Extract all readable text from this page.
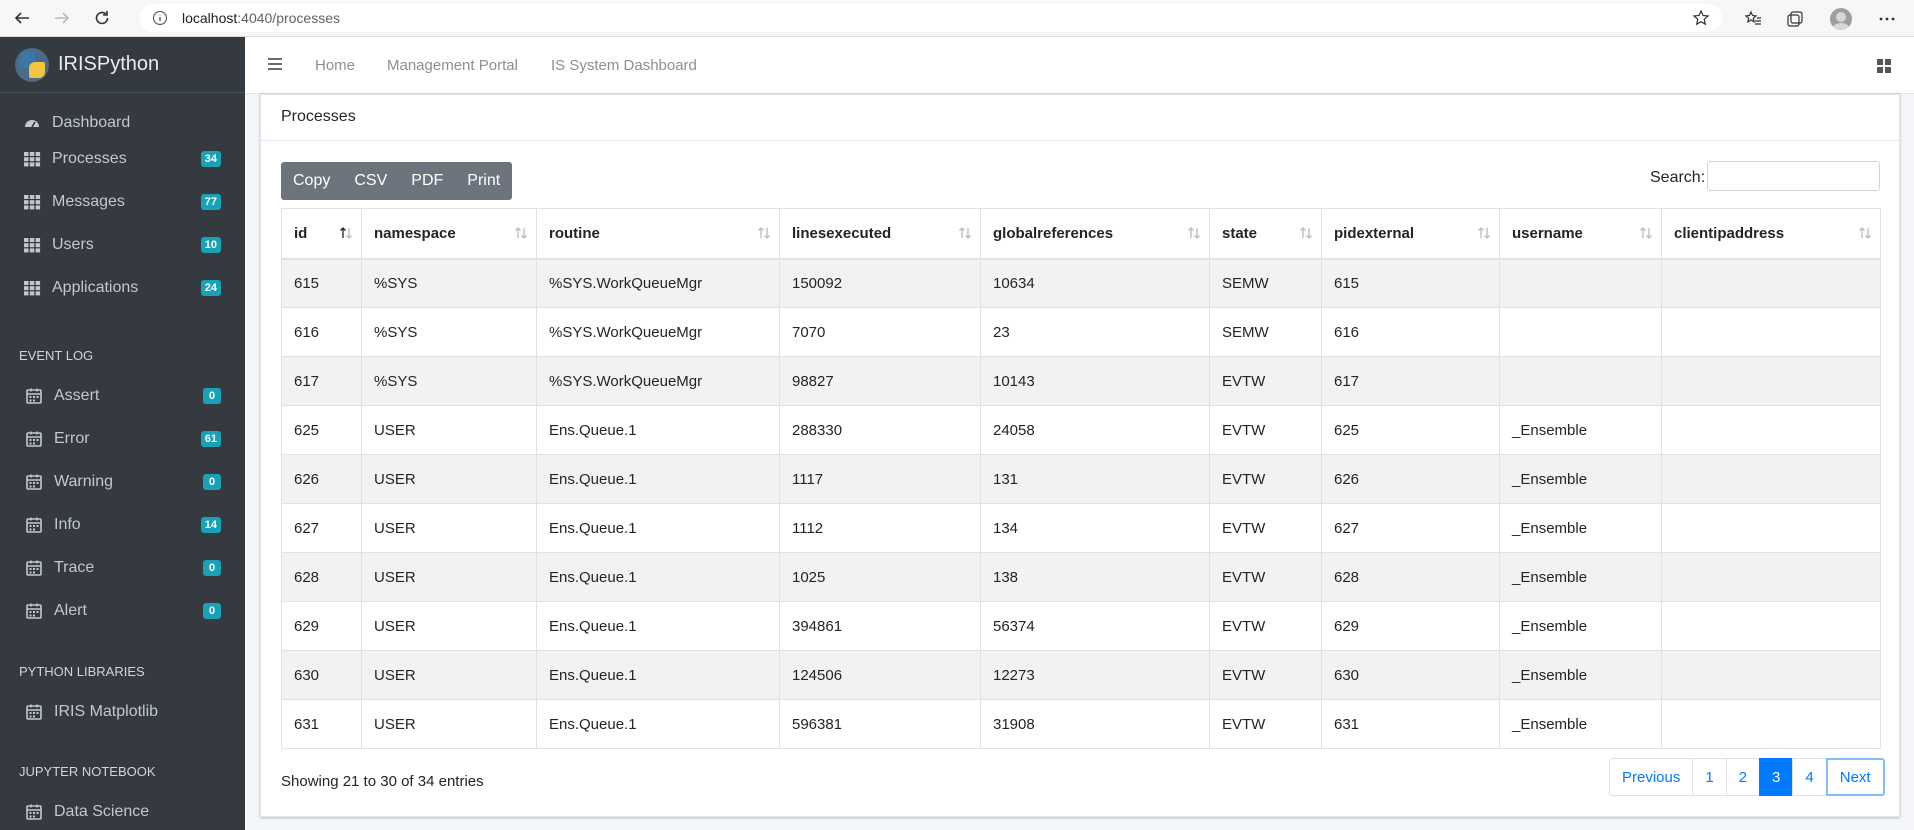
localhost:4040/processes
IRISPython
Dashboard
Processes	34
Messages	77
Users	10
Applications	24
EVENT LOG
Assert	0
Error	61
Warning	0
Info	14
Trace	0
Alert	0
PYTHON LIBRARIES
IRIS Matplotlib
JUPYTER NOTEBOOK
Data Science
Home Management Portal IS System Dashboard
Processes
Copy	CSV	PDF	Print	Search:
id	namespace	routine	linesexecuted	globalreferences	state	pidexternal	username	clientipaddress

615	%SYS	%SYS.WorkQueueMgr	150092	10634	SEMW	615		
616	%SYS	%SYS.WorkQueueMgr	7070	23	SEMW	616		
617	%SYS	%SYS.WorkQueueMgr	98827	10143	EVTW	617		
625	USER	Ens.Queue.1	288330	24058	EVTW	625	_Ensemble	
626	USER	Ens.Queue.1	1117	131	EVTW	626	_Ensemble	
627	USER	Ens.Queue.1	1112	134	EVTW	627	_Ensemble	
628	USER	Ens.Queue.1	1025	138	EVTW	628	_Ensemble	
629	USER	Ens.Queue.1	394861	56374	EVTW	629	_Ensemble	
630	USER	Ens.Queue.1	124506	12273	EVTW	630	_Ensemble	
631	USER	Ens.Queue.1	596381	31908	EVTW	631	_Ensemble	
Showing 21 to 30 of 34 entries	Previous	1	2	3	4	Next
